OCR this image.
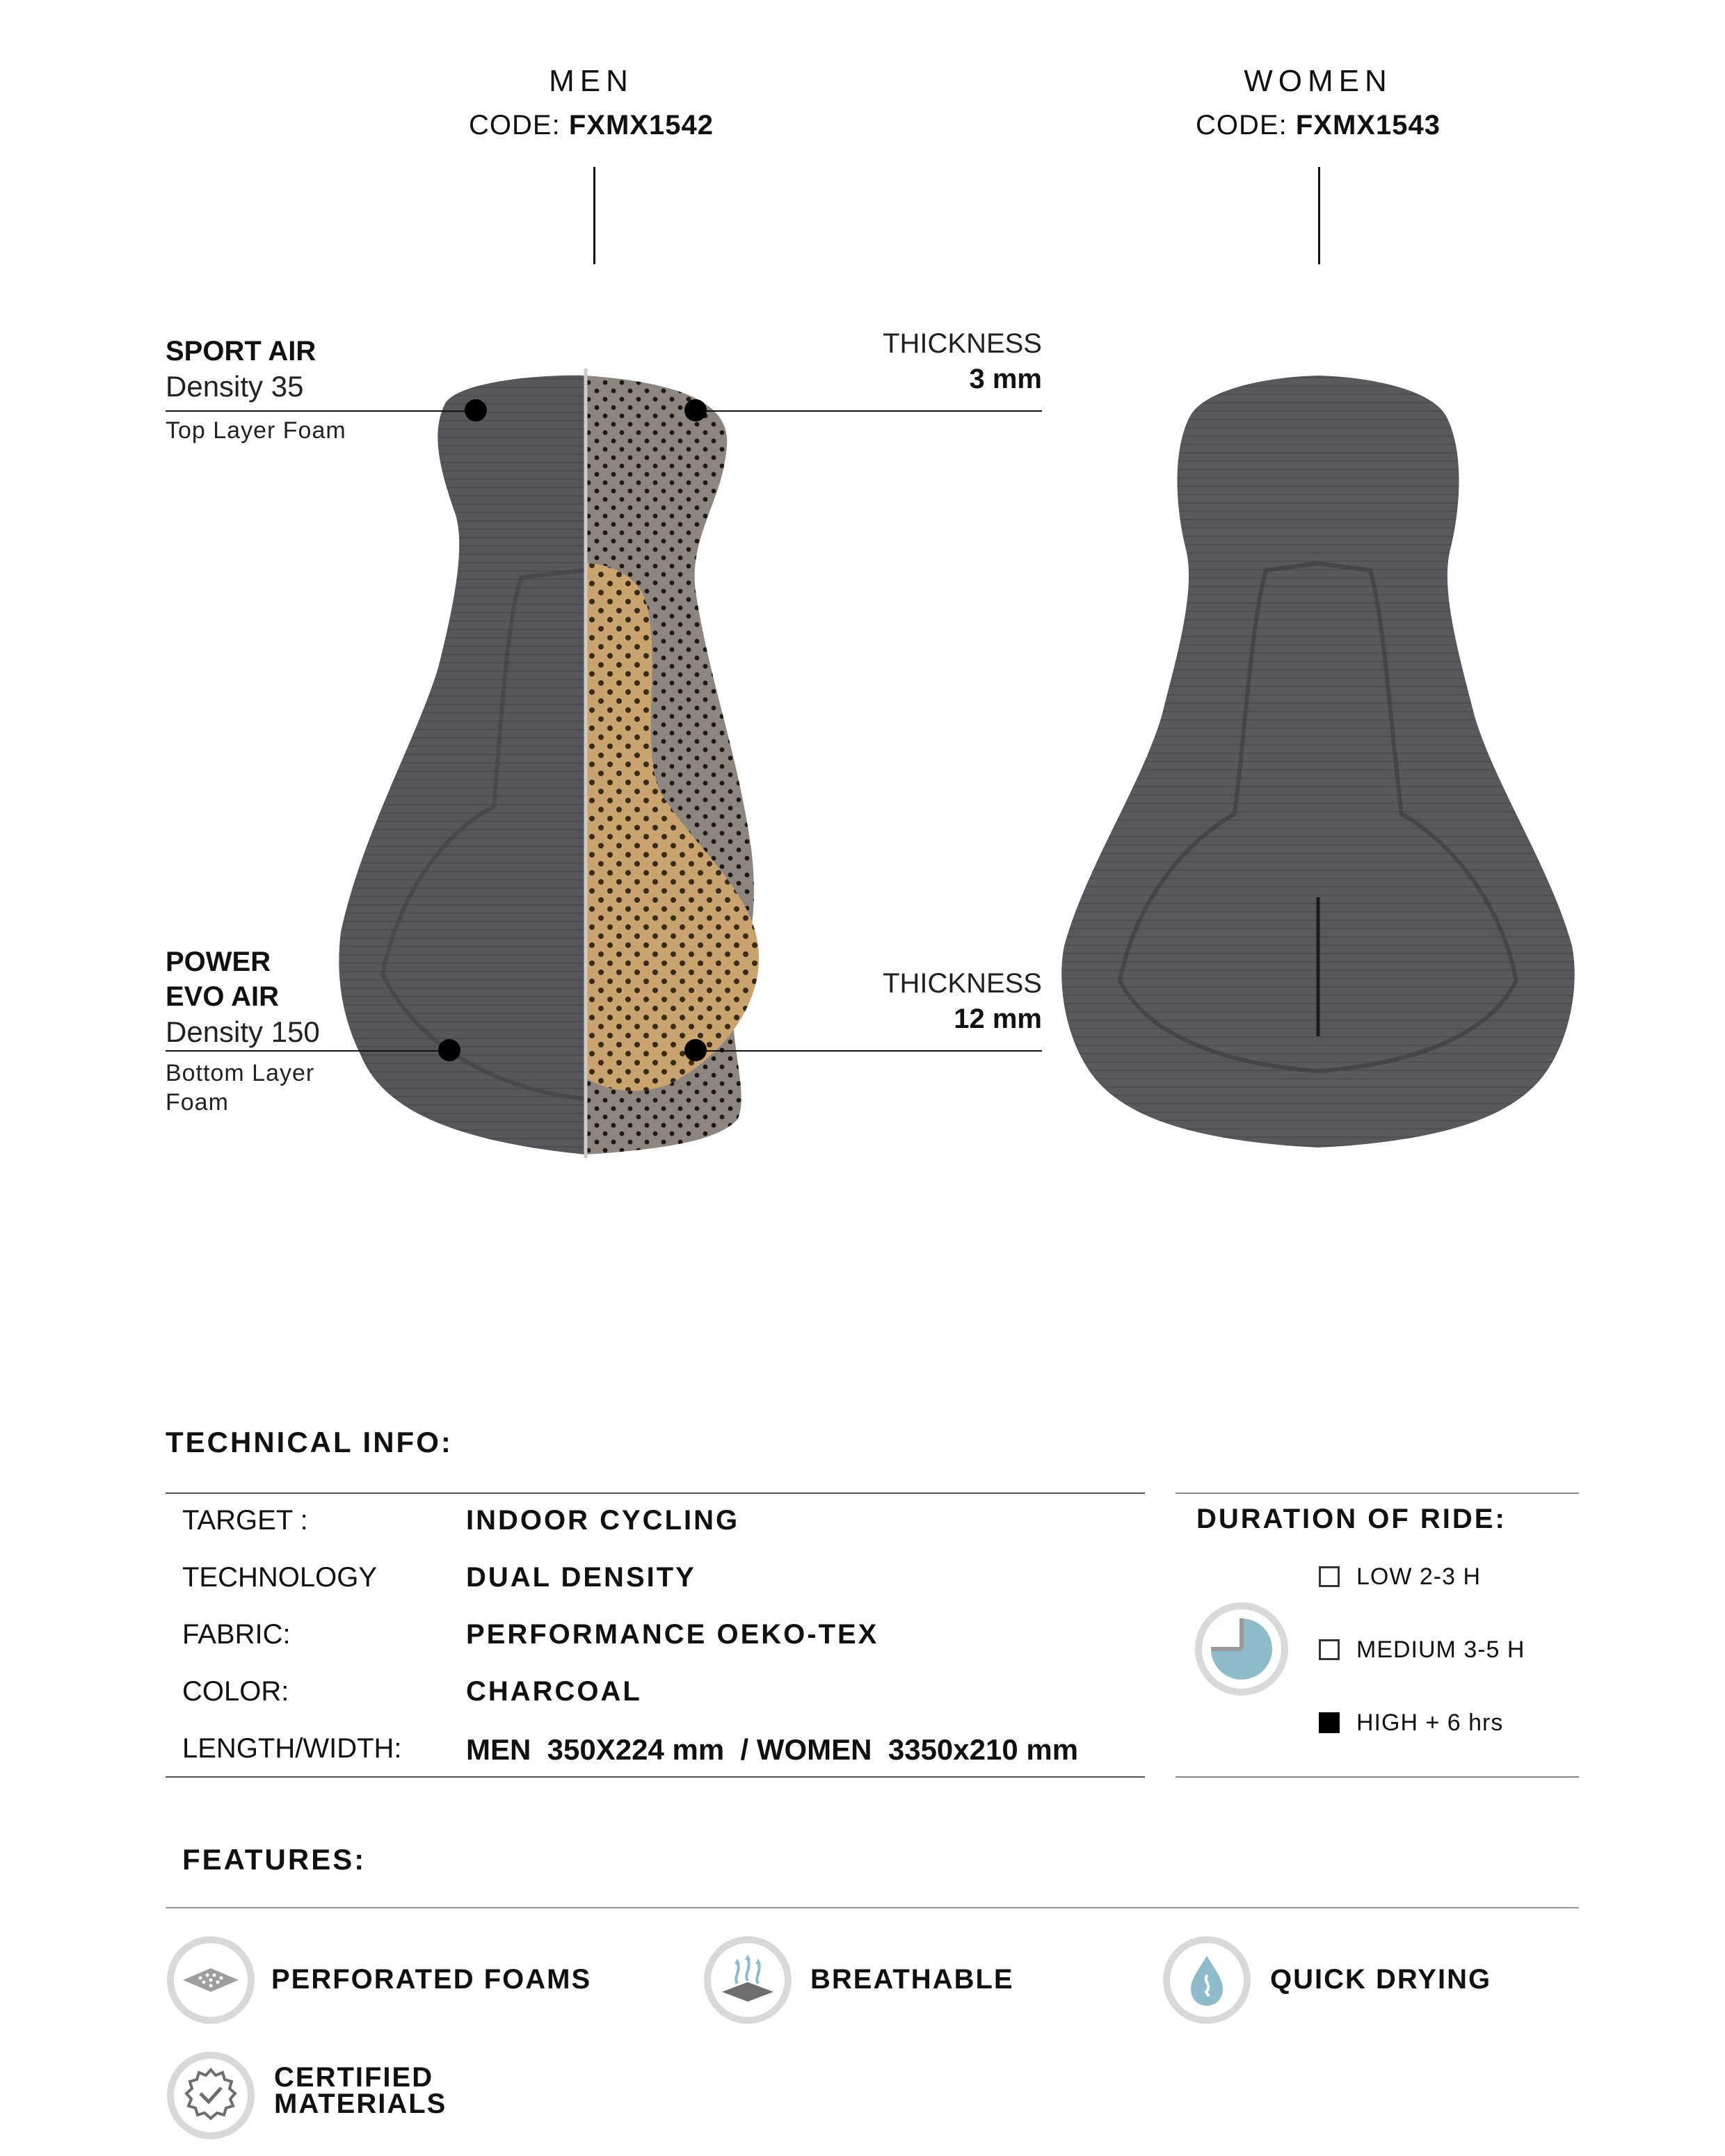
MEN
CODE: FXMX1542
WOMEN
CODE: FXMX1543
SPORT AIR
Density 35
Top Layer Foam
POWER
EVO AIR
Density 150
Bottom Layer
Foam
THICKNESS
3 mm
THICKNESS
12 mm
TECHNICAL INFO:
TARGET :	INDOOR CYCLING
TECHNOLOGY	DUAL DENSITY
FABRIC:	PERFORMANCE OEKO-TEX
COLOR:	CHARCOAL
LENGTH/WIDTH:	MEN  350X224 mm  / WOMEN  3350x210 mm
DURATION OF RIDE:
LOW 2-3 H
MEDIUM 3-5 H
HIGH + 6 hrs
FEATURES:
PERFORATED FOAMS	BREATHABLE	QUICK DRYING
CERTIFIED
MATERIALS
